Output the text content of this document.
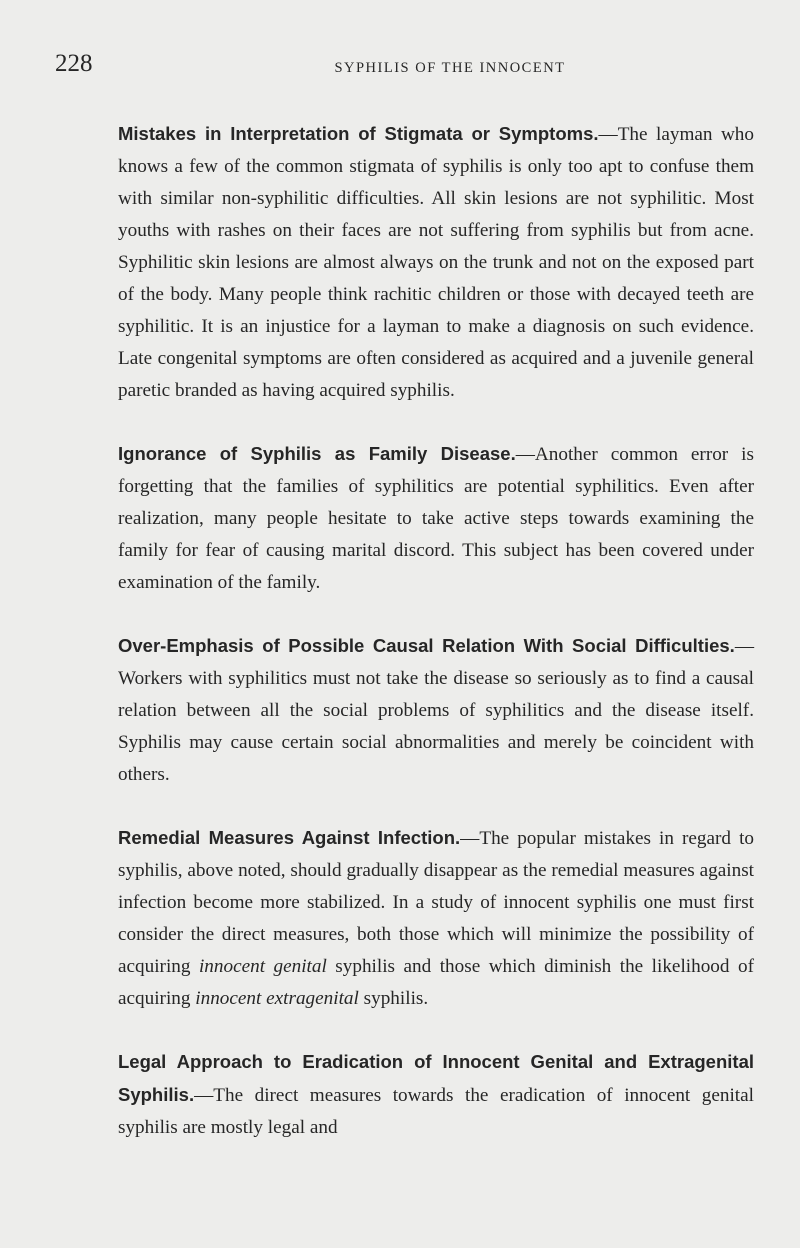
228	SYPHILIS OF THE INNOCENT

Mistakes in Interpretation of Stigmata or Symptoms.—The layman who knows a few of the common stigmata of syphilis is only too apt to confuse them with similar non-syphilitic difficulties. All skin lesions are not syphilitic. Most youths with rashes on their faces are not suffering from syphilis but from acne. Syphilitic skin lesions are almost always on the trunk and not on the exposed part of the body. Many people think rachitic children or those with decayed teeth are syphilitic. It is an injustice for a layman to make a diagnosis on such evidence. Late congenital symptoms are often considered as acquired and a juvenile general paretic branded as having acquired syphilis.

Ignorance of Syphilis as Family Disease.—Another common error is forgetting that the families of syphilitics are potential syphilitics. Even after realization, many people hesitate to take active steps towards examining the family for fear of causing marital discord. This subject has been covered under examination of the family.

Over-Emphasis of Possible Causal Relation With Social Difficulties.—Workers with syphilitics must not take the disease so seriously as to find a causal relation between all the social problems of syphilitics and the disease itself. Syphilis may cause certain social abnormalities and merely be coincident with others.

Remedial Measures Against Infection.—The popular mistakes in regard to syphilis, above noted, should gradually disappear as the remedial measures against infection become more stabilized. In a study of innocent syphilis one must first consider the direct measures, both those which will minimize the possibility of acquiring innocent genital syphilis and those which diminish the likelihood of acquiring innocent extragenital syphilis.

Legal Approach to Eradication of Innocent Genital and Extragenital Syphilis.—The direct measures towards the eradication of innocent genital syphilis are mostly legal and
